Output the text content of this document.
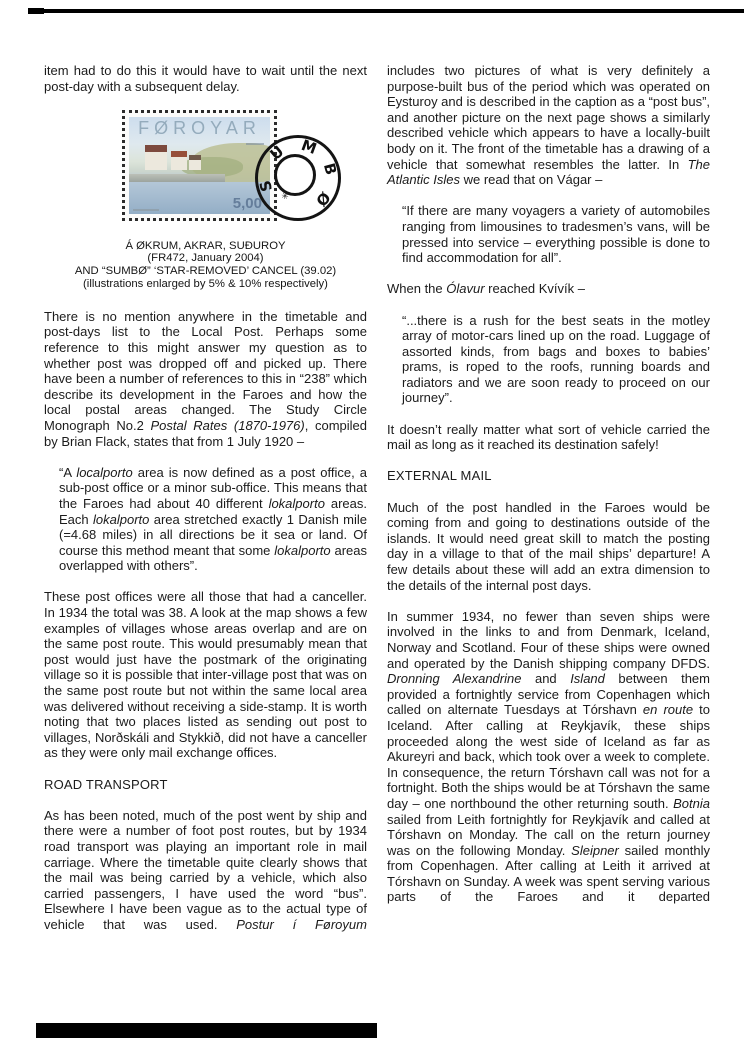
item had to do this it would have to wait until the next post-day with a subsequent delay.

FØROYAR
5,00
S
U M
B
Ø
✳
Á ØKRUM, AKRAR, SUÐUROY
(FR472, January 2004)
AND “SUMBØ” ‘STAR-REMOVED’ CANCEL (39.02)
(illustrations enlarged by 5% & 10% respectively)

There is no mention anywhere in the timetable and post-days list to the Local Post. Perhaps some reference to this might answer my question as to whether post was dropped off and picked up. There have been a number of references to this in “238” which describe its development in the Faroes and how the local postal areas changed. The Study Circle Monograph No.2 Postal Rates (1870-1976), compiled by Brian Flack, states that from 1 July 1920 –

“A localporto area is now defined as a post office, a sub-post office or a minor sub-office. This means that the Faroes had about 40 different lokalporto areas. Each lokalporto area stretched exactly 1 Danish mile (=4.68 miles) in all directions be it sea or land. Of course this method meant that some lokalporto areas overlapped with others”.

These post offices were all those that had a canceller. In 1934 the total was 38. A look at the map shows a few examples of villages whose areas overlap and are on the same post route. This would presumably mean that post would just have the postmark of the originating village so it is possible that inter-village post that was on the same post route but not within the same local area was delivered without receiving a side-stamp. It is worth noting that two places listed as sending out post to villages, Norðskáli and Stykkið, did not have a canceller as they were only mail exchange offices.

ROAD TRANSPORT

As has been noted, much of the post went by ship and there were a number of foot post routes, but by 1934 road transport was playing an important role in mail carriage. Where the timetable quite clearly shows that the mail was being carried by a vehicle, which also carried passengers, I have used the word “bus”. Elsewhere I have been vague as to the actual type of vehicle that was used. Postur í Føroyum

includes two pictures of what is very definitely a purpose-built bus of the period which was operated on Eysturoy and is described in the caption as a “post bus”, and another picture on the next page shows a similarly described vehicle which appears to have a locally-built body on it. The front of the timetable has a drawing of a vehicle that somewhat resembles the latter. In The Atlantic Isles we read that on Vágar –

“If there are many voyagers a variety of automobiles ranging from limousines to tradesmen’s vans, will be pressed into service – everything possible is done to find accommodation for all”.

When the Ólavur reached Kvívík –

“...there is a rush for the best seats in the motley array of motor-cars lined up on the road. Luggage of assorted kinds, from bags and boxes to babies’ prams, is roped to the roofs, running boards and radiators and we are soon ready to proceed on our journey”.

It doesn’t really matter what sort of vehicle carried the mail as long as it reached its destination safely!

EXTERNAL MAIL

Much of the post handled in the Faroes would be coming from and going to destinations outside of the islands. It would need great skill to match the posting day in a village to that of the mail ships’ departure! A few details about these will add an extra dimension to the details of the internal post days.

In summer 1934, no fewer than seven ships were involved in the links to and from Denmark, Iceland, Norway and Scotland. Four of these ships were owned and operated by the Danish shipping company DFDS. Dronning Alexandrine and Island between them provided a fortnightly service from Copenhagen which called on alternate Tuesdays at Tórshavn en route to Iceland. After calling at Reykjavík, these ships proceeded along the west side of Iceland as far as Akureyri and back, which took over a week to complete. In consequence, the return Tórshavn call was not for a fortnight. Both the ships would be at Tórshavn the same day – one northbound the other returning south. Botnia sailed from Leith fortnightly for Reykjavík and called at Tórshavn on Monday. The call on the return journey was on the following Monday. Sleipner sailed monthly from Copenhagen. After calling at Leith it arrived at Tórshavn on Sunday. A week was spent serving various parts of the Faroes and it departed
